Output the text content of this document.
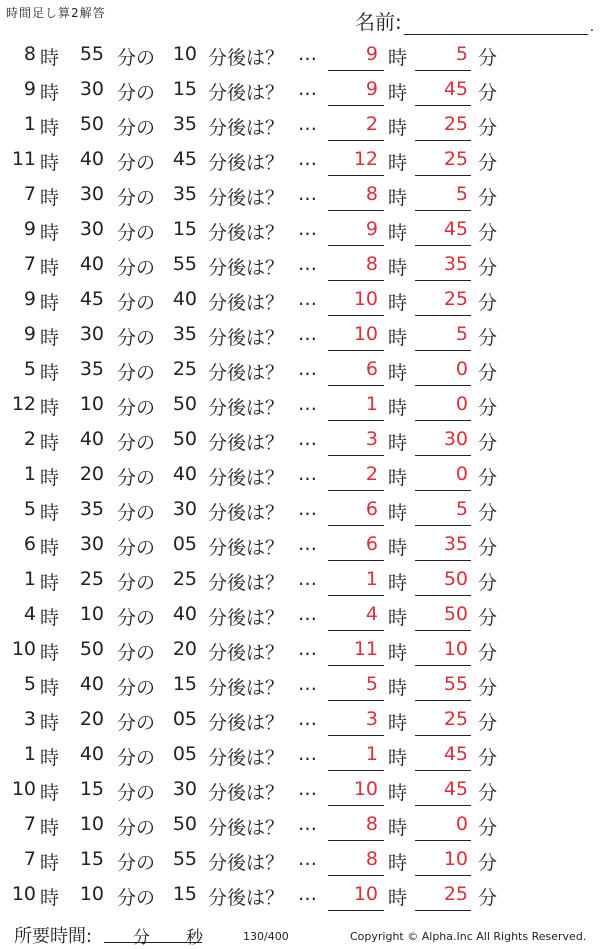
時間足し算2解答	名前:	.
8 時	55 分の 10 分後は？ …	9 時	5 分
9 時	30 分の 15 分後は？ …	9 時	45 分
1 時	50 分の 35 分後は？ …	2 時	25 分
11 時	40 分の 45 分後は？ …	12 時	25 分
7 時	30 分の 35 分後は？ …	8 時	5 分
9 時	30 分の 15 分後は？ …	9 時	45 分
7 時	40 分の 55 分後は？ …	8 時	35 分
9 時	45 分の 40 分後は？ …	10 時	25 分
9 時	30 分の 35 分後は？ …	10 時	5 分
5 時	35 分の 25 分後は？ …	6 時	0 分
12 時	10 分の 50 分後は？ …	1 時	0 分
2 時	40 分の 50 分後は？ …	3 時	30 分
1 時	20 分の 40 分後は？ …	2 時	0 分
5 時	35 分の 30 分後は？ …	6 時	5 分
6 時	30 分の 05 分後は？ …	6 時	35 分
1 時	25 分の 25 分後は？ …	1 時	50 分
4 時	10 分の 40 分後は？ …	4 時	50 分
10 時	50 分の 20 分後は？ …	11 時	10 分
5 時	40 分の 15 分後は？ …	5 時	55 分
3 時	20 分の 05 分後は？ …	3 時	25 分
1 時	40 分の 05 分後は？ …	1 時	45 分
10 時	15 分の 30 分後は？ …	10 時	45 分
7 時	10 分の 50 分後は？ …	8 時	0 分
7 時	15 分の 55 分後は？ …	8 時	10 分
10 時	10 分の 15 分後は？ …	10 時	25 分
所要時間: 分 秒	130/400	Copyright © Alpha.Inc All Rights Reserved.
